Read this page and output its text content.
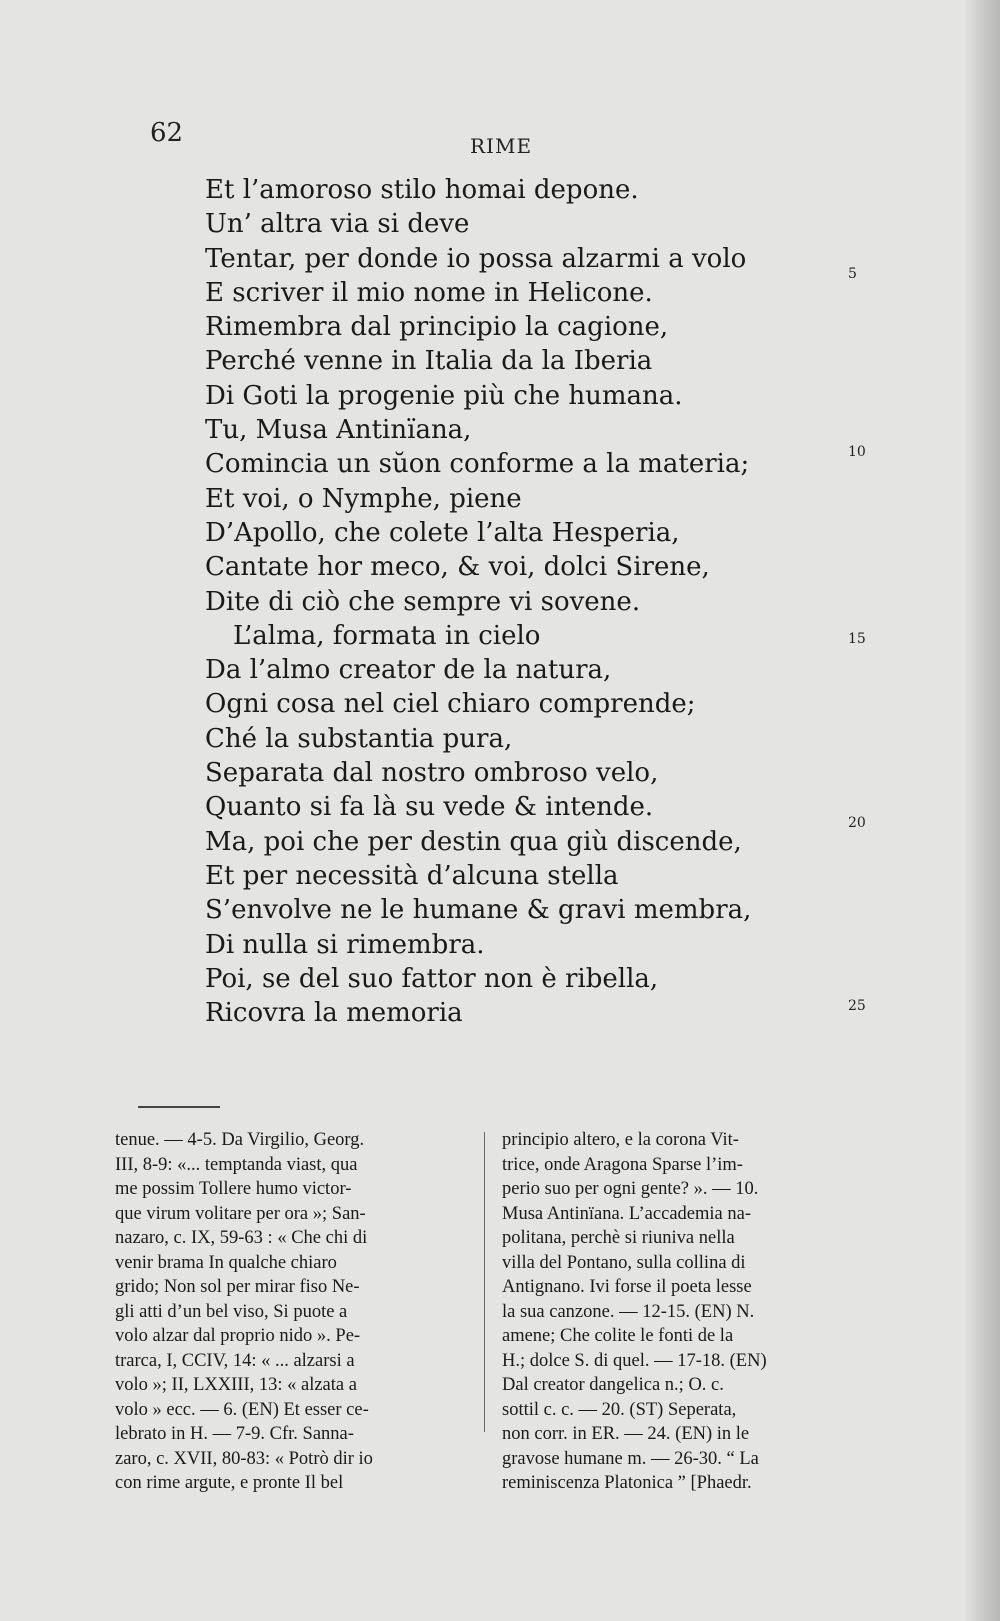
62	RIME
Et l’amoroso stilo homai depone.
Un’ altra via si deve
Tentar, per donde io possa alzarmi a volo
E scriver il mio nome in Helicone.
Rimembra dal principio la cagione,
Perché venne in Italia da la Iberia
Di Goti la progenie più che humana.
Tu, Musa Antinïana,
Comincia un sŭon conforme a la materia;
Et voi, o Nymphe, piene
D’Apollo, che colete l’alta Hesperia,
Cantate hor meco, & voi, dolci Sirene,
Dite di ciò che sempre vi sovene.
L’alma, formata in cielo
Da l’almo creator de la natura,
Ogni cosa nel ciel chiaro comprende;
Ché la substantia pura,
Separata dal nostro ombroso velo,
Quanto si fa là su vede & intende.
Ma, poi che per destin qua giù discende,
Et per necessità d’alcuna stella
S’envolve ne le humane & gravi membra,
Di nulla si rimembra.
Poi, se del suo fattor non è ribella,
Ricovra la memoria
5
10
15
20
25
tenue. — 4-5. Da Virgilio, Georg.
III, 8-9: «... temptanda viast, qua
me possim Tollere humo victor-
que virum volitare per ora »; San-
nazaro, c. IX, 59-63 : « Che chi di
venir brama In qualche chiaro
grido; Non sol per mirar fiso Ne-
gli atti d’un bel viso, Si puote a
volo alzar dal proprio nido ». Pe-
trarca, I, CCIV, 14: « ... alzarsi a
volo »; II, LXXIII, 13: « alzata a
volo » ecc. — 6. (EN) Et esser ce-
lebrato in H. — 7-9. Cfr. Sanna-
zaro, c. XVII, 80-83: « Potrò dir io
con rime argute, e pronte Il bel
principio altero, e la corona Vit-
trice, onde Aragona Sparse l’im-
perio suo per ogni gente? ». — 10.
Musa Antinïana. L’accademia na-
politana, perchè si riuniva nella
villa del Pontano, sulla collina di
Antignano. Ivi forse il poeta lesse
la sua canzone. — 12-15. (EN) N.
amene; Che colite le fonti de la
H.; dolce S. di quel. — 17-18. (EN)
Dal creator dangelica n.; O. c.
sottil c. c. — 20. (ST) Seperata,
non corr. in ER. — 24. (EN) in le
gravose humane m. — 26-30. “ La
reminiscenza Platonica ” [Phaedr.
